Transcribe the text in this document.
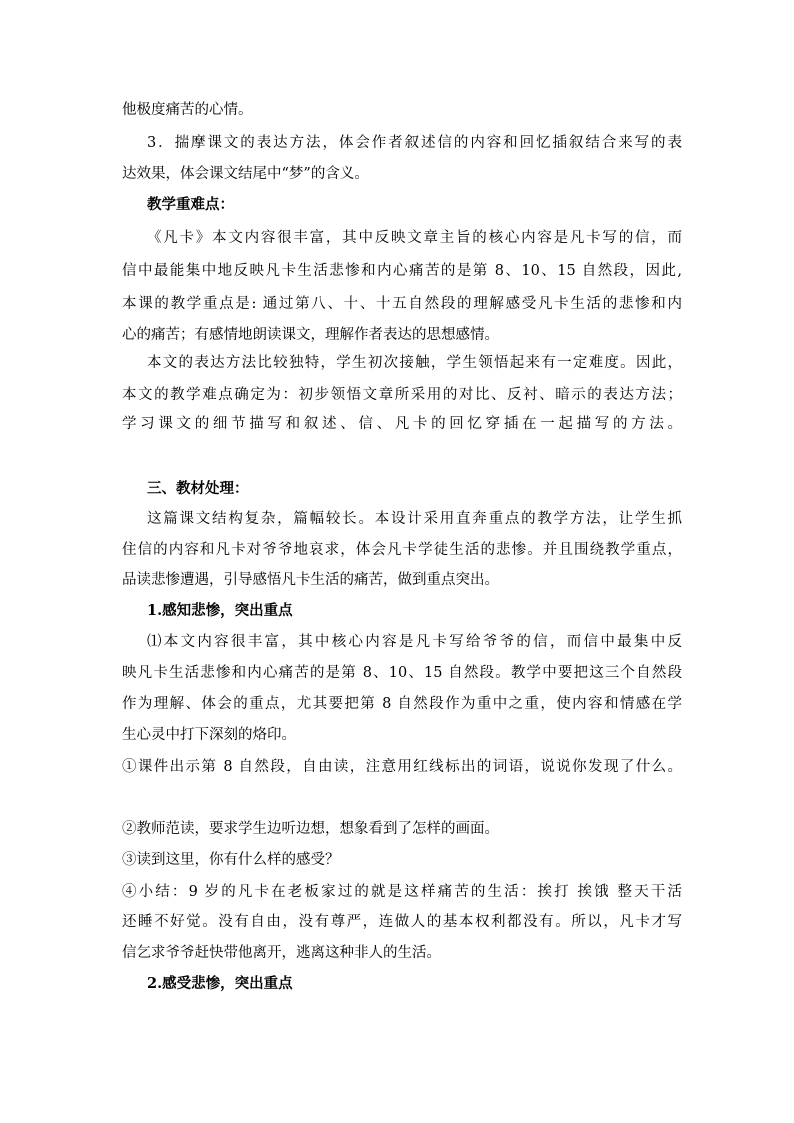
他极度痛苦的心情。
3．揣摩课文的表达方法，体会作者叙述信的内容和回忆插叙结合来写的表
达效果，体会课文结尾中“梦”的含义。
教学重难点：
《凡卡》本文内容很丰富，其中反映文章主旨的核心内容是凡卡写的信，而
信中最能集中地反映凡卡生活悲惨和内心痛苦的是第 8、10、15 自然段，因此,
本课的教学重点是: 通过第八、十、十五自然段的理解感受凡卡生活的悲惨和内
心的痛苦；有感情地朗读课文，理解作者表达的思想感情。
本文的表达方法比较独特，学生初次接触，学生领悟起来有一定难度。因此，
本文的教学难点确定为：初步领悟文章所采用的对比、反衬、暗示的表达方法；
学习课文的细节描写和叙述、信、凡卡的回忆穿插在一起描写的方法。
三、教材处理：
这篇课文结构复杂，篇幅较长。本设计采用直奔重点的教学方法，让学生抓
住信的内容和凡卡对爷爷地哀求，体会凡卡学徒生活的悲惨。并且围绕教学重点，
品读悲惨遭遇，引导感悟凡卡生活的痛苦，做到重点突出。
1.感知悲惨，突出重点
⑴本文内容很丰富，其中核心内容是凡卡写给爷爷的信，而信中最集中反
映凡卡生活悲惨和内心痛苦的是第 8、10、15 自然段。教学中要把这三个自然段
作为理解、体会的重点，尤其要把第 8 自然段作为重中之重，使内容和情感在学
生心灵中打下深刻的烙印。
①课件出示第 8 自然段，自由读，注意用红线标出的词语，说说你发现了什么。
②教师范读，要求学生边听边想，想象看到了怎样的画面。
③读到这里，你有什么样的感受？
④小结：9 岁的凡卡在老板家过的就是这样痛苦的生活：挨打 挨饿 整天干活
还睡不好觉。没有自由，没有尊严，连做人的基本权利都没有。所以，凡卡才写
信乞求爷爷赶快带他离开，逃离这种非人的生活。
2.感受悲惨，突出重点
